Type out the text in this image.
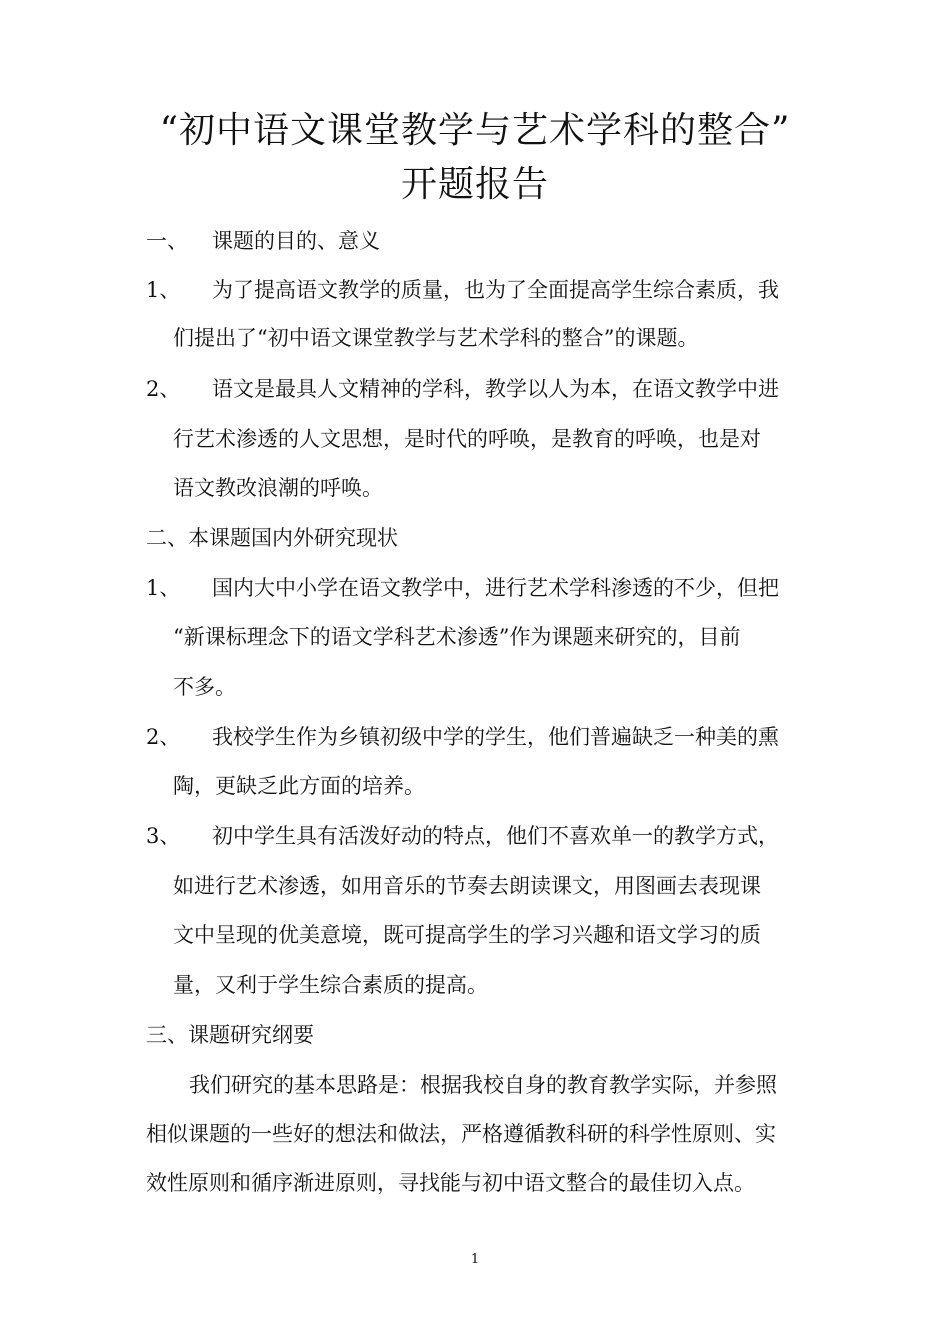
“初中语文课堂教学与艺术学科的整合”
开题报告
一、 课题的目的、意义
1、 为了提高语文教学的质量，也为了全面提高学生综合素质，我
们提出了“初中语文课堂教学与艺术学科的整合”的课题。
2、 语文是最具人文精神的学科，教学以人为本，在语文教学中进
行艺术渗透的人文思想，是时代的呼唤，是教育的呼唤，也是对
语文教改浪潮的呼唤。
二、本课题国内外研究现状
1、 国内大中小学在语文教学中，进行艺术学科渗透的不少，但把
“新课标理念下的语文学科艺术渗透”作为课题来研究的，目前
不多。
2、 我校学生作为乡镇初级中学的学生，他们普遍缺乏一种美的熏
陶，更缺乏此方面的培养。
3、 初中学生具有活泼好动的特点，他们不喜欢单一的教学方式，
如进行艺术渗透，如用音乐的节奏去朗读课文，用图画去表现课
文中呈现的优美意境，既可提高学生的学习兴趣和语文学习的质
量，又利于学生综合素质的提高。
三、课题研究纲要
我们研究的基本思路是：根据我校自身的教育教学实际，并参照
相似课题的一些好的想法和做法，严格遵循教科研的科学性原则、实
效性原则和循序渐进原则，寻找能与初中语文整合的最佳切入点。
1
